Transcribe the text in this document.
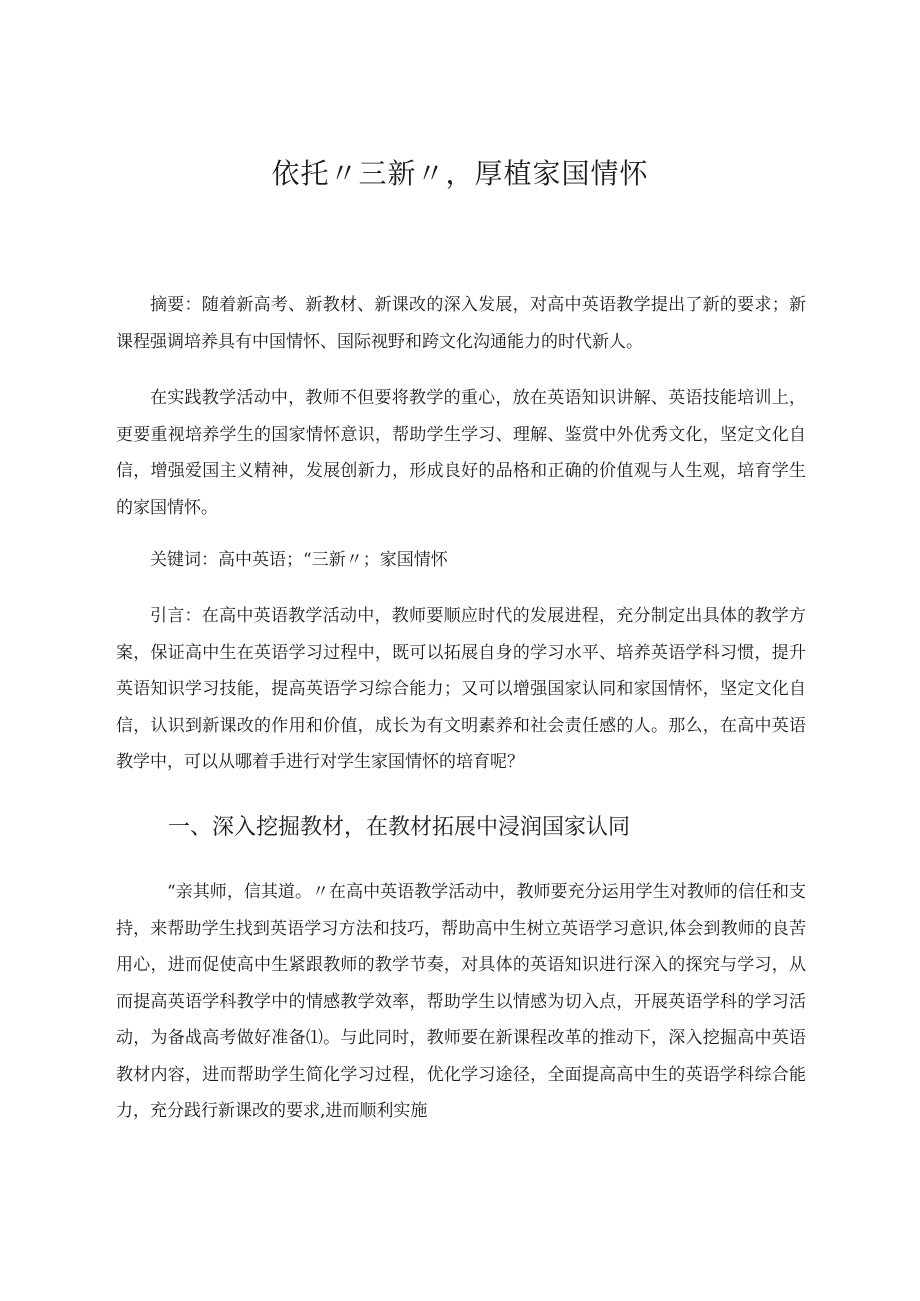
依托〃三新〃，厚植家国情怀

摘要：随着新高考、新教材、新课改的深入发展，对高中英语教学提出了新的要求；新课程强调培养具有中国情怀、国际视野和跨文化沟通能力的时代新人。

在实践教学活动中，教师不但要将教学的重心，放在英语知识讲解、英语技能培训上，更要重视培养学生的国家情怀意识，帮助学生学习、理解、鉴赏中外优秀文化，坚定文化自信，增强爱国主义精神，发展创新力，形成良好的品格和正确的价值观与人生观，培育学生的家国情怀。

关键词：高中英语；“三新〃；家国情怀

引言：在高中英语教学活动中，教师要顺应时代的发展进程，充分制定出具体的教学方案，保证高中生在英语学习过程中，既可以拓展自身的学习水平、培养英语学科习惯，提升英语知识学习技能，提高英语学习综合能力；又可以增强国家认同和家国情怀，坚定文化自信，认识到新课改的作用和价值，成长为有文明素养和社会责任感的人。那么，在高中英语教学中，可以从哪着手进行对学生家国情怀的培育呢？

一、深入挖掘教材，在教材拓展中浸润国家认同

“亲其师，信其道。〃在高中英语教学活动中，教师要充分运用学生对教师的信任和支持，来帮助学生找到英语学习方法和技巧，帮助高中生树立英语学习意识,体会到教师的良苦用心，进而促使高中生紧跟教师的教学节奏，对具体的英语知识进行深入的探究与学习，从而提高英语学科教学中的情感教学效率，帮助学生以情感为切入点，开展英语学科的学习活动，为备战高考做好准备⑴。与此同时，教师要在新课程改革的推动下，深入挖掘高中英语教材内容，进而帮助学生简化学习过程，优化学习途径，全面提高高中生的英语学科综合能力，充分践行新课改的要求,进而顺利实施
